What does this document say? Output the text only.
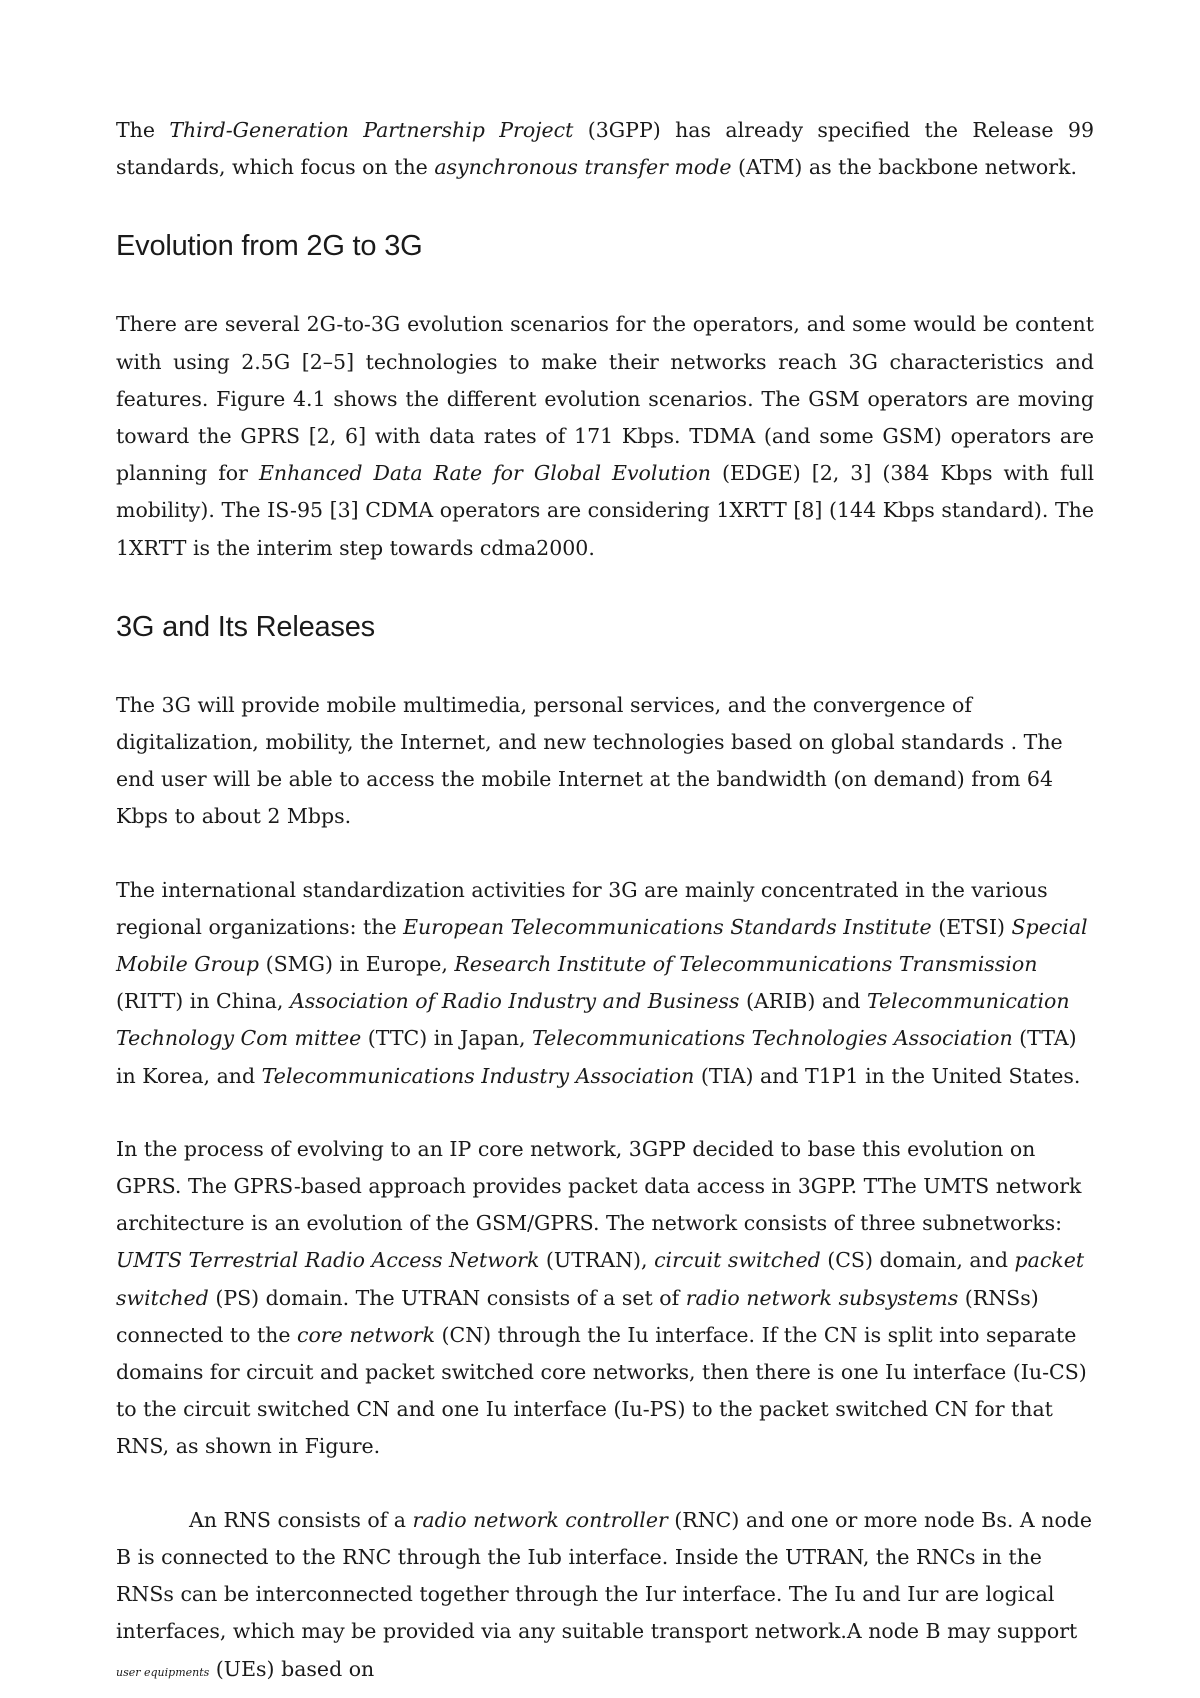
The Third-Generation Partnership Project (3GPP) has already specified the Release 99 standards, which focus on the asynchronous transfer mode (ATM) as the backbone network.

Evolution from 2G to 3G

There are several 2G-to-3G evolution scenarios for the operators, and some would be content with using 2.5G [2–5] technologies to make their networks reach 3G characteristics and features. Figure 4.1 shows the different evolution scenarios. The GSM operators are moving toward the GPRS [2, 6] with data rates of 171 Kbps. TDMA (and some GSM) operators are planning for Enhanced Data Rate for Global Evolution (EDGE) [2, 3] (384 Kbps with full mobility). The IS-95 [3] CDMA operators are considering 1XRTT [8] (144 Kbps standard). The 1XRTT is the interim step towards cdma2000.

3G and Its Releases

The 3G will provide mobile multimedia, personal services, and the convergence of digitalization, mobility, the Internet, and new technologies based on global standards . The end user will be able to access the mobile Internet at the bandwidth (on demand) from 64 Kbps to about 2 Mbps.

The international standardization activities for 3G are mainly concentrated in the various regional organizations: the European Telecommunications Standards Institute (ETSI) Special Mobile Group (SMG) in Europe, Research Institute of Telecommunications Transmission (RITT) in China, Association of Radio Industry and Business (ARIB) and Telecommunication Technology Com mittee (TTC) in Japan, Telecommunications Technologies Association (TTA) in Korea, and Telecommunications Industry Association (TIA) and T1P1 in the United States.

In the process of evolving to an IP core network, 3GPP decided to base this evolution on GPRS. The GPRS-based approach provides packet data access in 3GPP. TThe UMTS network architecture is an evolution of the GSM/GPRS. The network consists of three subnetworks: UMTS Terrestrial Radio Access Network (UTRAN), circuit switched (CS) domain, and packet switched (PS) domain. The UTRAN consists of a set of radio network subsystems (RNSs) connected to the core network (CN) through the Iu interface. If the CN is split into separate domains for circuit and packet switched core networks, then there is one Iu interface (Iu-CS) to the circuit switched CN and one Iu interface (Iu-PS) to the packet switched CN for that RNS, as shown in Figure.

An RNS consists of a radio network controller (RNC) and one or more node Bs. A node B is connected to the RNC through the Iub interface. Inside the UTRAN, the RNCs in the RNSs can be interconnected together through the Iur interface. The Iu and Iur are logical interfaces, which may be provided via any suitable transport network.A node B may support user equipments (UEs) based on
